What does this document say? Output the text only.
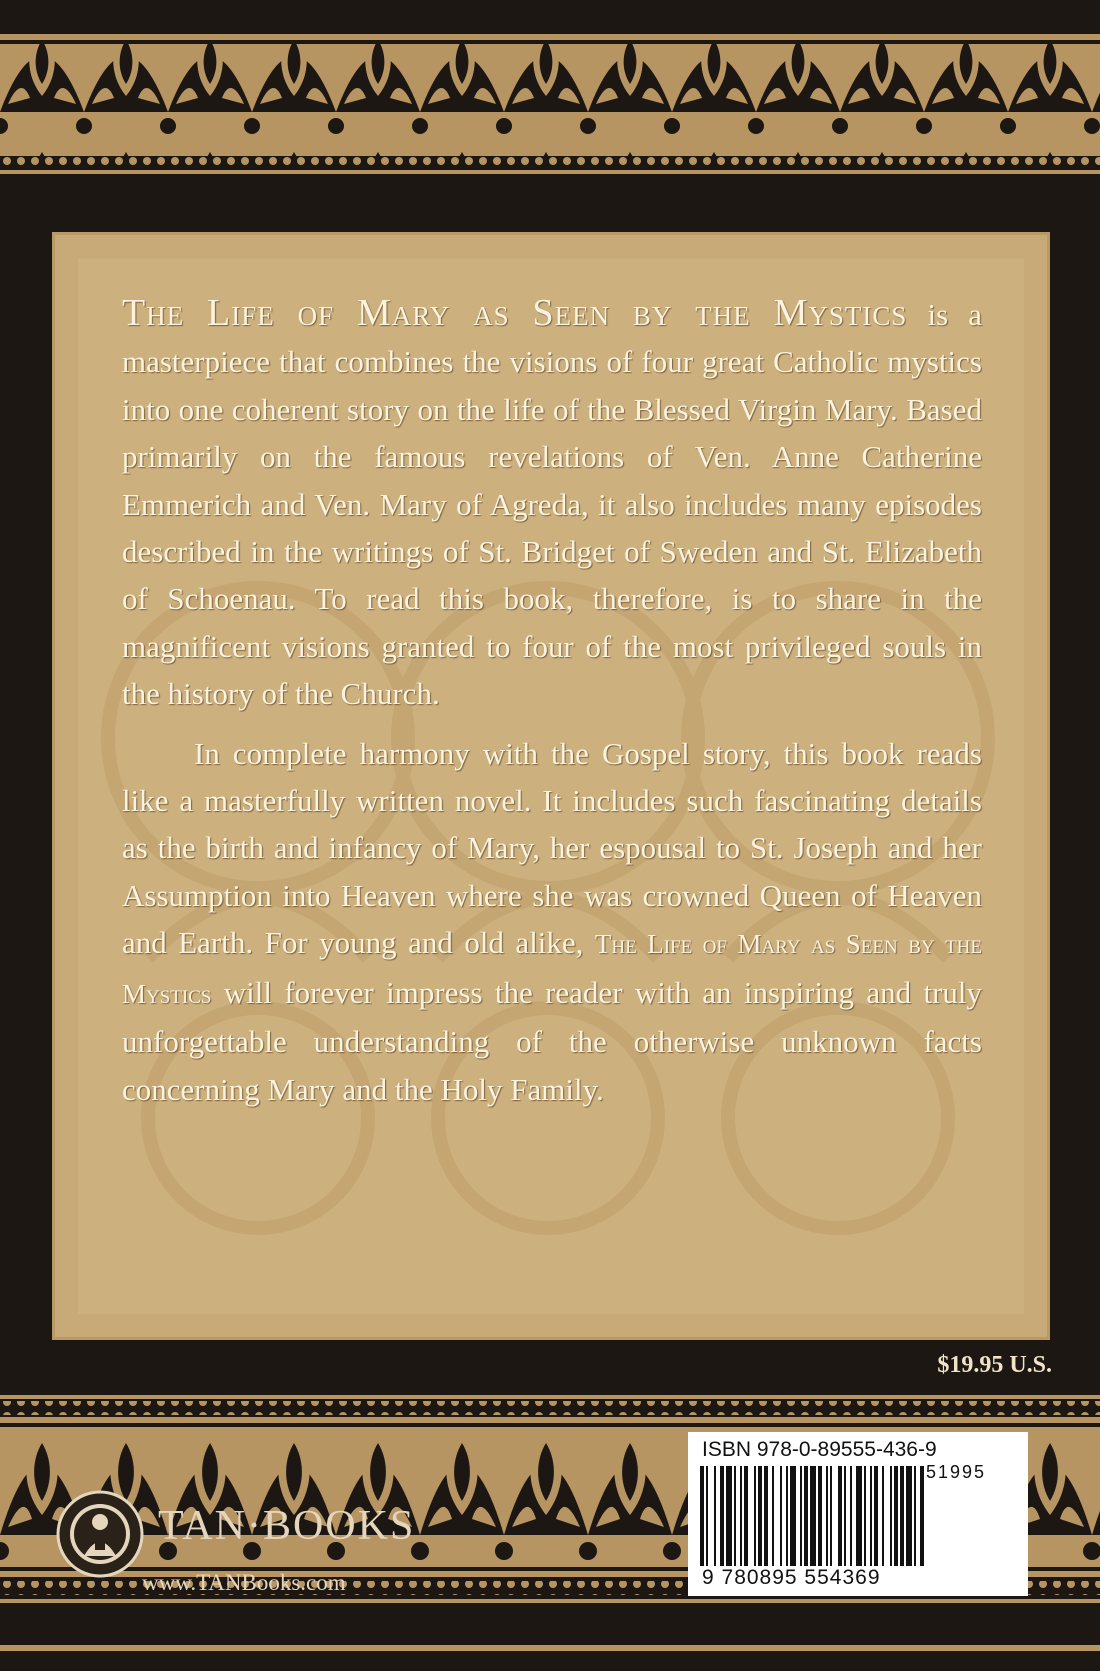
The Life of Mary as Seen by the Mystics is a masterpiece that combines the visions of four great Catholic mystics into one coherent story on the life of the Blessed Virgin Mary. Based primarily on the famous revelations of Ven. Anne Catherine Emmerich and Ven. Mary of Agreda, it also includes many episodes described in the writings of St. Bridget of Sweden and St. Elizabeth of Schoenau. To read this book, therefore, is to share in the magnificent visions granted to four of the most privileged souls in the history of the Church.

In complete harmony with the Gospel story, this book reads like a masterfully written novel. It includes such fascinating details as the birth and infancy of Mary, her espousal to St. Joseph and her Assumption into Heaven where she was crowned Queen of Heaven and Earth. For young and old alike, The Life of Mary as Seen by the Mystics will forever impress the reader with an inspiring and truly unforgettable understanding of the otherwise unknown facts concerning Mary and the Holy Family.

$19.95 U.S.
TAN·BOOKS
www.TANBooks.com
ISBN 978-0-89555-436-9
51995
9 780895 554369
